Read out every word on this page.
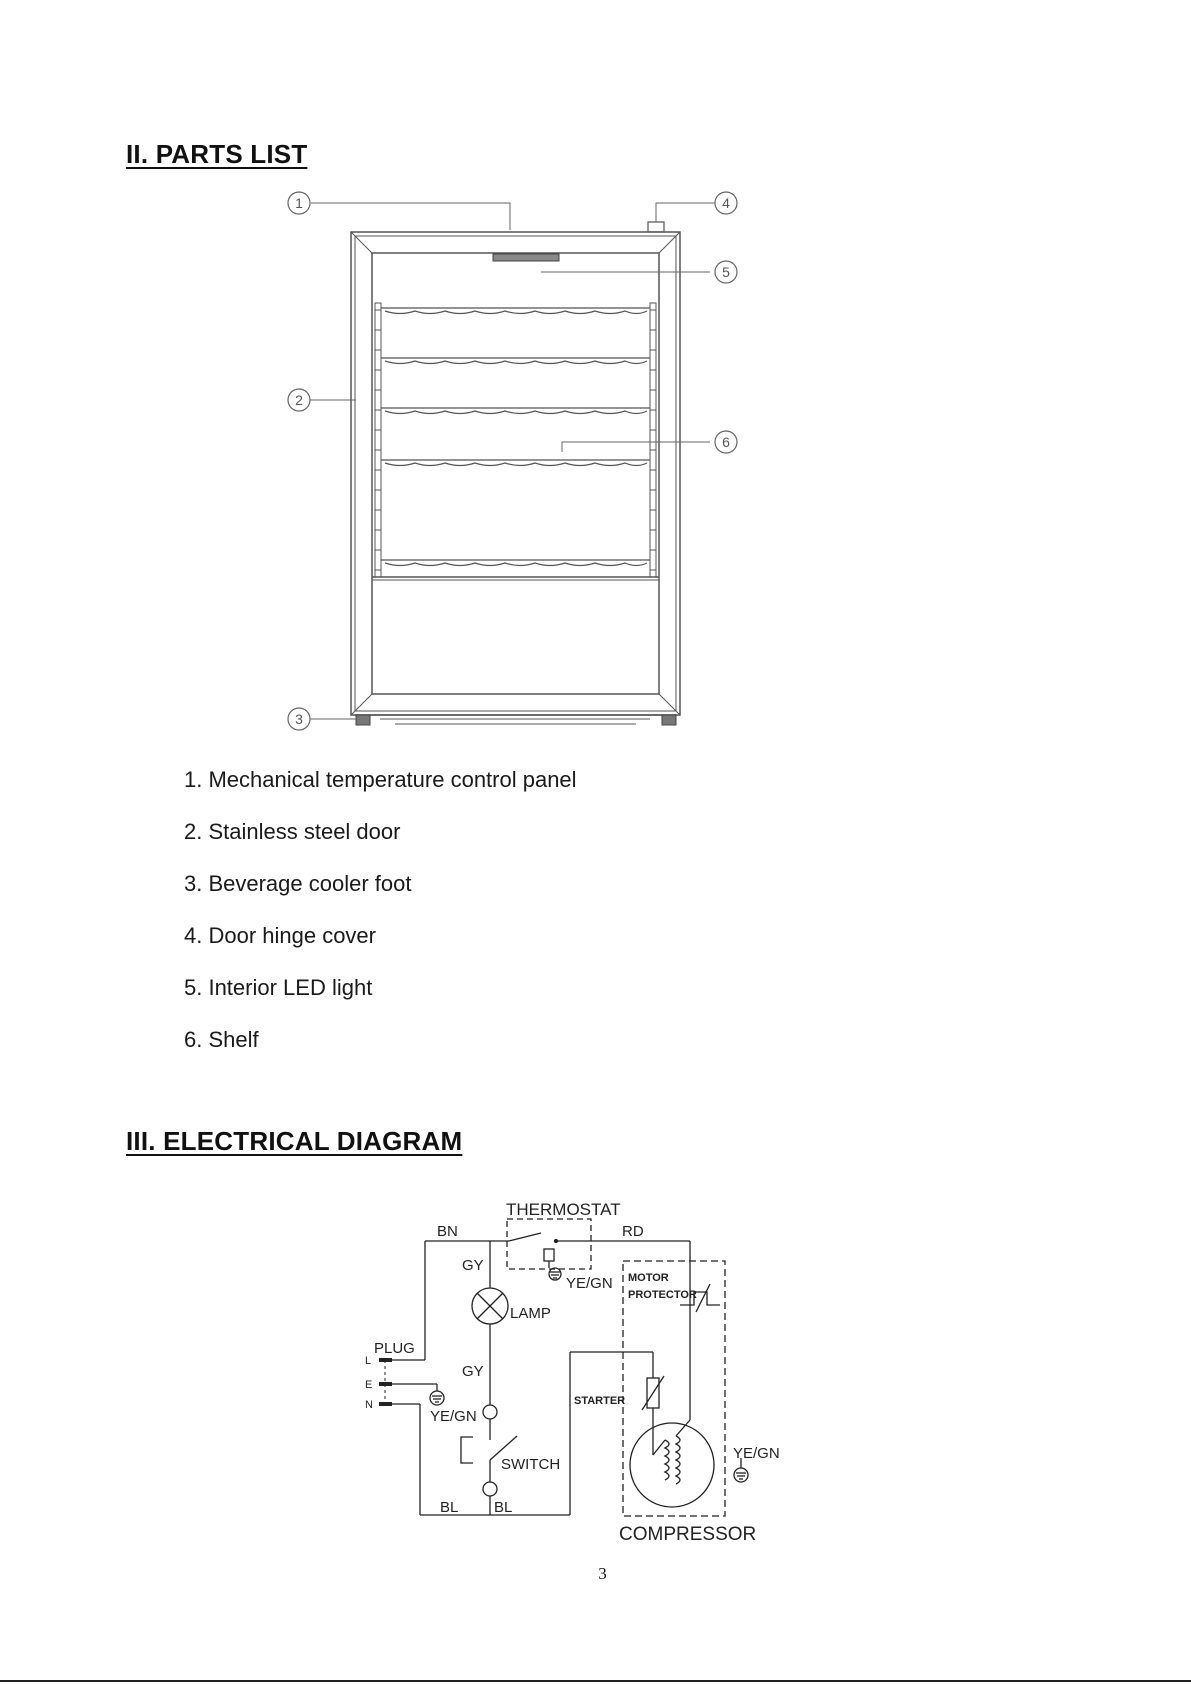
II. PARTS LIST
1	4
5
2
6
3
1. Mechanical temperature control panel
2. Stainless steel door
3. Beverage cooler foot
4. Door hinge cover
5. Interior LED light
6. Shelf
III. ELECTRICAL DIAGRAM
THERMOSTAT
BN	RD
GY
YE/GN MOTOR
PROTECTOR
LAMP
PLUG
L
E
N
GY
YE/GN
STARTER
YE/GN
SWITCH
BL BL
COMPRESSOR
3
